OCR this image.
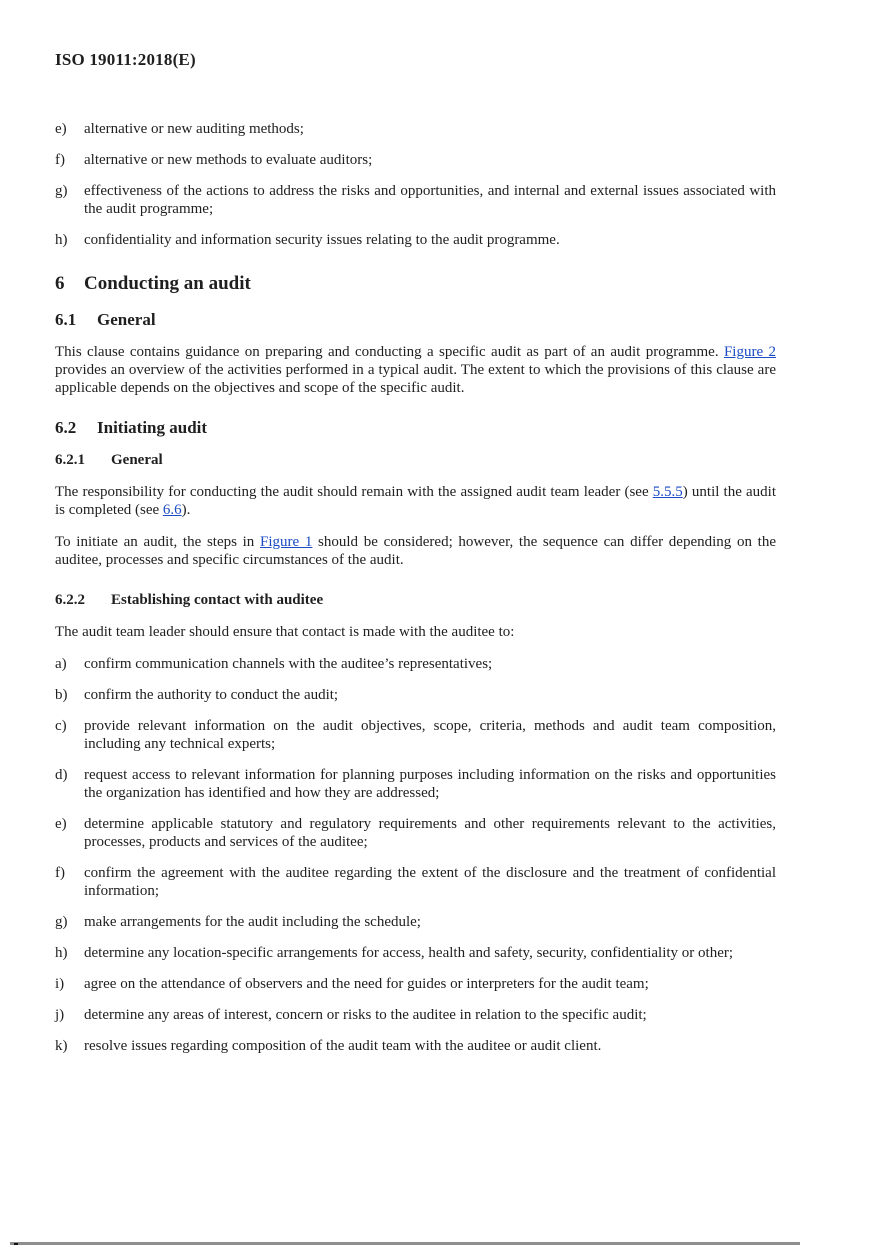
ISO 19011:2018(E)
e)	alternative or new auditing methods;
f)	alternative or new methods to evaluate auditors;
g)	effectiveness of the actions to address the risks and opportunities, and internal and external issues associated with the audit programme;
h)	confidentiality and information security issues relating to the audit programme.
6 Conducting an audit
6.1 General

This clause contains guidance on preparing and conducting a specific audit as part of an audit programme. Figure 2 provides an overview of the activities performed in a typical audit. The extent to which the provisions of this clause are applicable depends on the objectives and scope of the specific audit.

6.2 Initiating audit
6.2.1 General

The responsibility for conducting the audit should remain with the assigned audit team leader (see 5.5.5) until the audit is completed (see 6.6).

To initiate an audit, the steps in Figure 1 should be considered; however, the sequence can differ depending on the auditee, processes and specific circumstances of the audit.

6.2.2 Establishing contact with auditee

The audit team leader should ensure that contact is made with the auditee to:

a)	confirm communication channels with the auditee’s representatives;
b)	confirm the authority to conduct the audit;
c)	provide relevant information on the audit objectives, scope, criteria, methods and audit team composition, including any technical experts;
d)	request access to relevant information for planning purposes including information on the risks and opportunities the organization has identified and how they are addressed;
e)	determine applicable statutory and regulatory requirements and other requirements relevant to the activities, processes, products and services of the auditee;
f)	confirm the agreement with the auditee regarding the extent of the disclosure and the treatment of confidential information;
g)	make arrangements for the audit including the schedule;
h)	determine any location-specific arrangements for access, health and safety, security, confidentiality or other;
i)	agree on the attendance of observers and the need for guides or interpreters for the audit team;
j)	determine any areas of interest, concern or risks to the auditee in relation to the specific audit;
k)	resolve issues regarding composition of the audit team with the auditee or audit client.
